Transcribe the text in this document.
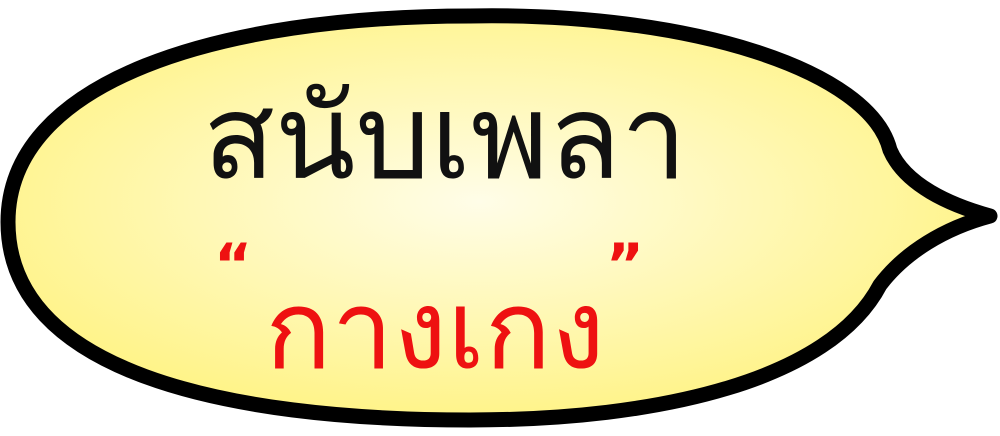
สนับเพลา
“
กางเกง
”
